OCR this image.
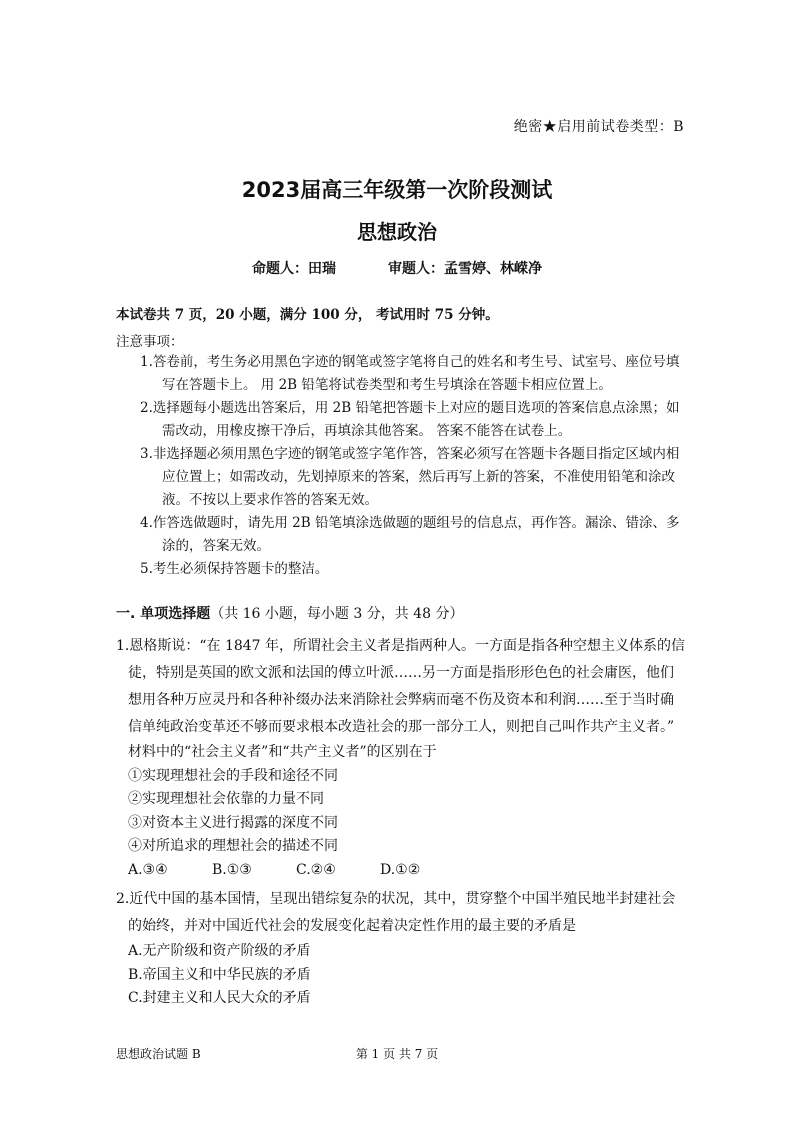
绝密★启用前试卷类型：B
2023届高三年级第一次阶段测试
思想政治
命题人：田瑞	审题人：孟雪婷、林嵘净
本试卷共 7 页，20 小题，满分 100 分， 考试用时 75 分钟。
注意事项：
1.答卷前，考生务必用黑色字迹的钢笔或签字笔将自己的姓名和考生号、试室号、座位号填写在答题卡上。 用 2B 铅笔将试卷类型和考生号填涂在答题卡相应位置上。
2.选择题每小题选出答案后，用 2B 铅笔把答题卡上对应的题目选项的答案信息点涂黑；如需改动，用橡皮擦干净后，再填涂其他答案。 答案不能答在试卷上。
3.非选择题必须用黑色字迹的钢笔或签字笔作答，答案必须写在答题卡各题目指定区域内相应位置上；如需改动，先划掉原来的答案，然后再写上新的答案，不准使用铅笔和涂改液。不按以上要求作答的答案无效。
4.作答选做题时，请先用 2B 铅笔填涂选做题的题组号的信息点，再作答。漏涂、错涂、多涂的，答案无效。
5.考生必须保持答题卡的整洁。
一. 单项选择题（共 16 小题，每小题 3 分，共 48 分）
1.恩格斯说：“在 1847 年，所谓社会主义者是指两种人。一方面是指各种空想主义体系的信徒，特别是英国的欧文派和法国的傅立叶派……另一方面是指形形色色的社会庸医，他们想用各种万应灵丹和各种补缀办法来消除社会弊病而毫不伤及资本和利润……至于当时确信单纯政治变革还不够而要求根本改造社会的那一部分工人，则把自己叫作共产主义者。”
材料中的“社会主义者”和“共产主义者”的区别在于
①实现理想社会的手段和途径不同
②实现理想社会依靠的力量不同
③对资本主义进行揭露的深度不同
④对所追求的理想社会的描述不同
A.③④	B.①③	C.②④	D.①②
2.近代中国的基本国情，呈现出错综复杂的状况，其中，贯穿整个中国半殖民地半封建社会的始终，并对中国近代社会的发展变化起着决定性作用的最主要的矛盾是
A.无产阶级和资产阶级的矛盾
B.帝国主义和中华民族的矛盾
C.封建主义和人民大众的矛盾
思想政治试题 B	第 1 页 共 7 页
